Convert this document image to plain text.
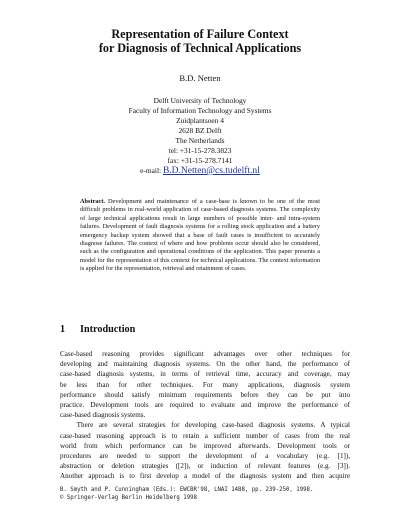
Representation of Failure Context
for Diagnosis of Technical Applications
B.D. Netten
Delft University of Technology
Faculty of Information Technology and Systems
Zuidplantsoen 4
2628 BZ Delft
The Netherlands
tel: +31-15-278.3823
fax: +31-15-278.7141
e-mail: B.D.Netten@cs.tudelft.nl
Abstract. Development and maintenance of a case-base is known to be one of the most difficult problems in real-world application of case-based diagnosis systems. The complexity of large technical applications result in large numbers of possible inter- and intra-system failures. Development of fault diagnosis systems for a rolling stock application and a battery emergency backup system showed that a base of fault cases is insufficient to accurately diagnose failures. The context of where and how problems occur should also be considered, such as the configuration and operational conditions of the application. This paper presents a model for the representation of this context for technical applications. The context information is applied for the representation, retrieval and retainment of cases.
1 Introduction
Case-based reasoning provides significant advantages over other techniques for
developing and maintaining diagnosis systems. On the other hand, the performance of
case-based diagnosis systems, in terms of retrieval time, accuracy and coverage, may
be less than for other techniques. For many applications, diagnosis system
performance should satisfy minimum requirements before they can be put into
practice. Development tools are required to evaluate and improve the performance of
case-based diagnosis systems.
There are several strategies for developing case-based diagnosis systems. A typical
case-based reasoning approach is to retain a sufficient number of cases from the real
world from which performance can be improved afterwards. Development tools or
procedures are needed to support the development of a vocabulary (e.g. [1]),
abstraction or deletion strategies ([2]), or induction of relevant features (e.g. [3]).
Another approach is to first develop a model of the diagnosis system and then acquire
B. Smyth and P. Cunningham (Eds.): EWCBR'98, LNAI 1488, pp. 239-250, 1998.
© Springer-Verlag Berlin Heidelberg 1998
